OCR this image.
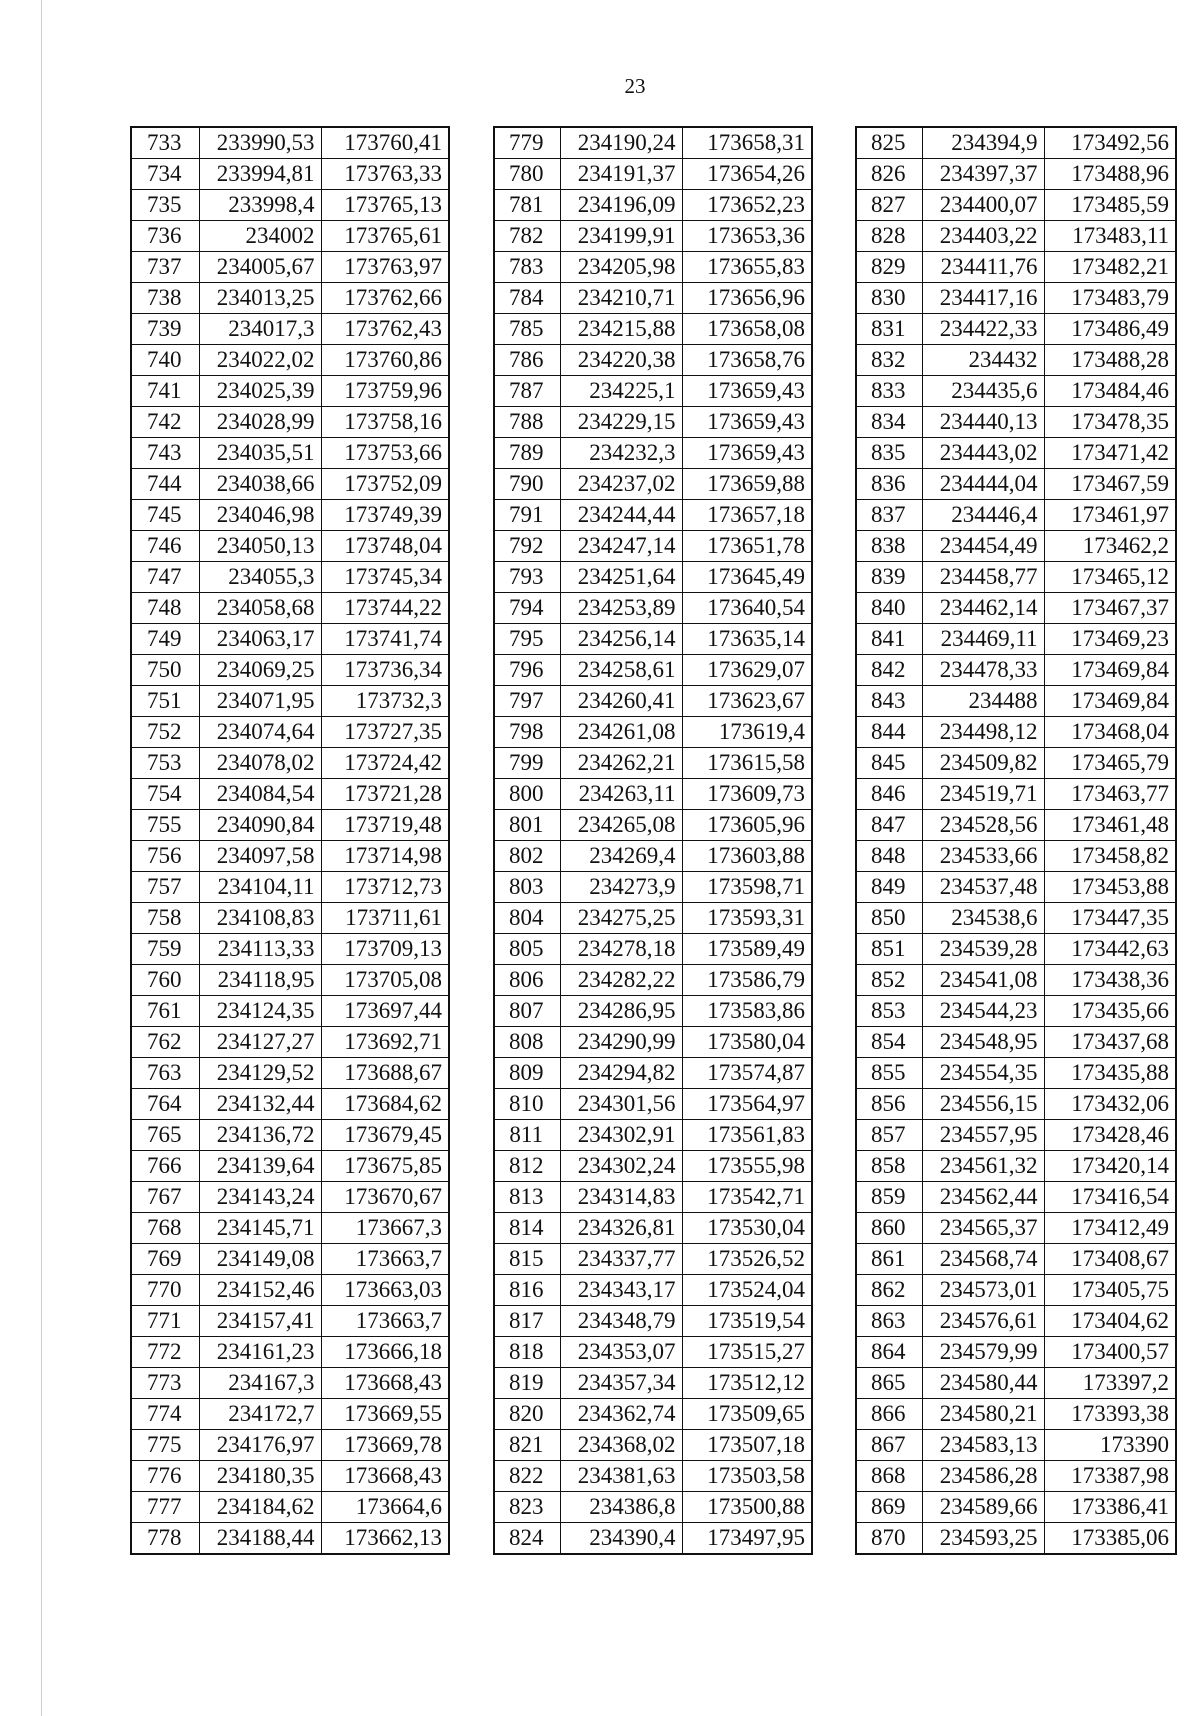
23
733	233990,53	173760,41
734	233994,81	173763,33
735	233998,4	173765,13
736	234002	173765,61
737	234005,67	173763,97
738	234013,25	173762,66
739	234017,3	173762,43
740	234022,02	173760,86
741	234025,39	173759,96
742	234028,99	173758,16
743	234035,51	173753,66
744	234038,66	173752,09
745	234046,98	173749,39
746	234050,13	173748,04
747	234055,3	173745,34
748	234058,68	173744,22
749	234063,17	173741,74
750	234069,25	173736,34
751	234071,95	173732,3
752	234074,64	173727,35
753	234078,02	173724,42
754	234084,54	173721,28
755	234090,84	173719,48
756	234097,58	173714,98
757	234104,11	173712,73
758	234108,83	173711,61
759	234113,33	173709,13
760	234118,95	173705,08
761	234124,35	173697,44
762	234127,27	173692,71
763	234129,52	173688,67
764	234132,44	173684,62
765	234136,72	173679,45
766	234139,64	173675,85
767	234143,24	173670,67
768	234145,71	173667,3
769	234149,08	173663,7
770	234152,46	173663,03
771	234157,41	173663,7
772	234161,23	173666,18
773	234167,3	173668,43
774	234172,7	173669,55
775	234176,97	173669,78
776	234180,35	173668,43
777	234184,62	173664,6
778	234188,44	173662,13
779	234190,24	173658,31
780	234191,37	173654,26
781	234196,09	173652,23
782	234199,91	173653,36
783	234205,98	173655,83
784	234210,71	173656,96
785	234215,88	173658,08
786	234220,38	173658,76
787	234225,1	173659,43
788	234229,15	173659,43
789	234232,3	173659,43
790	234237,02	173659,88
791	234244,44	173657,18
792	234247,14	173651,78
793	234251,64	173645,49
794	234253,89	173640,54
795	234256,14	173635,14
796	234258,61	173629,07
797	234260,41	173623,67
798	234261,08	173619,4
799	234262,21	173615,58
800	234263,11	173609,73
801	234265,08	173605,96
802	234269,4	173603,88
803	234273,9	173598,71
804	234275,25	173593,31
805	234278,18	173589,49
806	234282,22	173586,79
807	234286,95	173583,86
808	234290,99	173580,04
809	234294,82	173574,87
810	234301,56	173564,97
811	234302,91	173561,83
812	234302,24	173555,98
813	234314,83	173542,71
814	234326,81	173530,04
815	234337,77	173526,52
816	234343,17	173524,04
817	234348,79	173519,54
818	234353,07	173515,27
819	234357,34	173512,12
820	234362,74	173509,65
821	234368,02	173507,18
822	234381,63	173503,58
823	234386,8	173500,88
824	234390,4	173497,95
825	234394,9	173492,56
826	234397,37	173488,96
827	234400,07	173485,59
828	234403,22	173483,11
829	234411,76	173482,21
830	234417,16	173483,79
831	234422,33	173486,49
832	234432	173488,28
833	234435,6	173484,46
834	234440,13	173478,35
835	234443,02	173471,42
836	234444,04	173467,59
837	234446,4	173461,97
838	234454,49	173462,2
839	234458,77	173465,12
840	234462,14	173467,37
841	234469,11	173469,23
842	234478,33	173469,84
843	234488	173469,84
844	234498,12	173468,04
845	234509,82	173465,79
846	234519,71	173463,77
847	234528,56	173461,48
848	234533,66	173458,82
849	234537,48	173453,88
850	234538,6	173447,35
851	234539,28	173442,63
852	234541,08	173438,36
853	234544,23	173435,66
854	234548,95	173437,68
855	234554,35	173435,88
856	234556,15	173432,06
857	234557,95	173428,46
858	234561,32	173420,14
859	234562,44	173416,54
860	234565,37	173412,49
861	234568,74	173408,67
862	234573,01	173405,75
863	234576,61	173404,62
864	234579,99	173400,57
865	234580,44	173397,2
866	234580,21	173393,38
867	234583,13	173390
868	234586,28	173387,98
869	234589,66	173386,41
870	234593,25	173385,06
